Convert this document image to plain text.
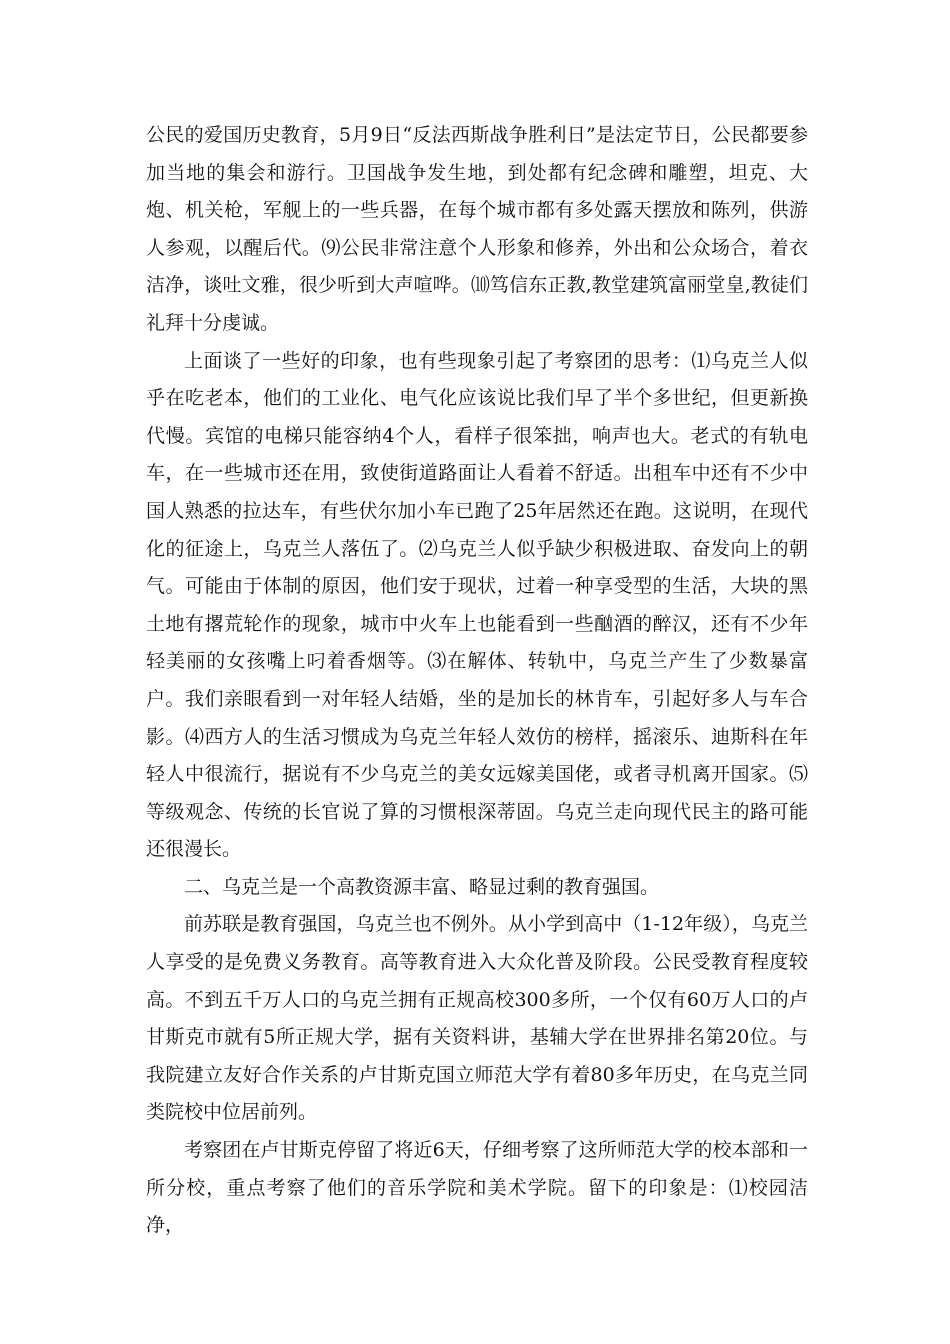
公民的爱国历史教育，5月9日“反法西斯战争胜利日”是法定节日，公民都要参加当地的集会和游行。卫国战争发生地，到处都有纪念碑和雕塑，坦克、大炮、机关枪，军舰上的一些兵器，在每个城市都有多处露天摆放和陈列，供游人参观，以醒后代。⑼公民非常注意个人形象和修养，外出和公众场合，着衣洁净，谈吐文雅，很少听到大声喧哗。⑽笃信东正教,教堂建筑富丽堂皇,教徒们礼拜十分虔诚。

上面谈了一些好的印象，也有些现象引起了考察团的思考：⑴乌克兰人似乎在吃老本，他们的工业化、电气化应该说比我们早了半个多世纪，但更新换代慢。宾馆的电梯只能容纳4个人，看样子很笨拙，响声也大。老式的有轨电车，在一些城市还在用，致使街道路面让人看着不舒适。出租车中还有不少中国人熟悉的拉达车，有些伏尔加小车已跑了25年居然还在跑。这说明，在现代化的征途上，乌克兰人落伍了。⑵乌克兰人似乎缺少积极进取、奋发向上的朝气。可能由于体制的原因，他们安于现状，过着一种享受型的生活，大块的黑土地有撂荒轮作的现象，城市中火车上也能看到一些酗酒的醉汉，还有不少年轻美丽的女孩嘴上叼着香烟等。⑶在解体、转轨中，乌克兰产生了少数暴富户。我们亲眼看到一对年轻人结婚，坐的是加长的林肯车，引起好多人与车合影。⑷西方人的生活习惯成为乌克兰年轻人效仿的榜样，摇滚乐、迪斯科在年轻人中很流行，据说有不少乌克兰的美女远嫁美国佬，或者寻机离开国家。⑸等级观念、传统的长官说了算的习惯根深蒂固。乌克兰走向现代民主的路可能还很漫长。

二、乌克兰是一个高教资源丰富、略显过剩的教育强国。

前苏联是教育强国，乌克兰也不例外。从小学到高中（1-12年级），乌克兰人享受的是免费义务教育。高等教育进入大众化普及阶段。公民受教育程度较高。不到五千万人口的乌克兰拥有正规高校300多所，一个仅有60万人口的卢甘斯克市就有5所正规大学，据有关资料讲，基辅大学在世界排名第20位。与我院建立友好合作关系的卢甘斯克国立师范大学有着80多年历史，在乌克兰同类院校中位居前列。

考察团在卢甘斯克停留了将近6天，仔细考察了这所师范大学的校本部和一所分校，重点考察了他们的音乐学院和美术学院。留下的印象是：⑴校园洁净，
